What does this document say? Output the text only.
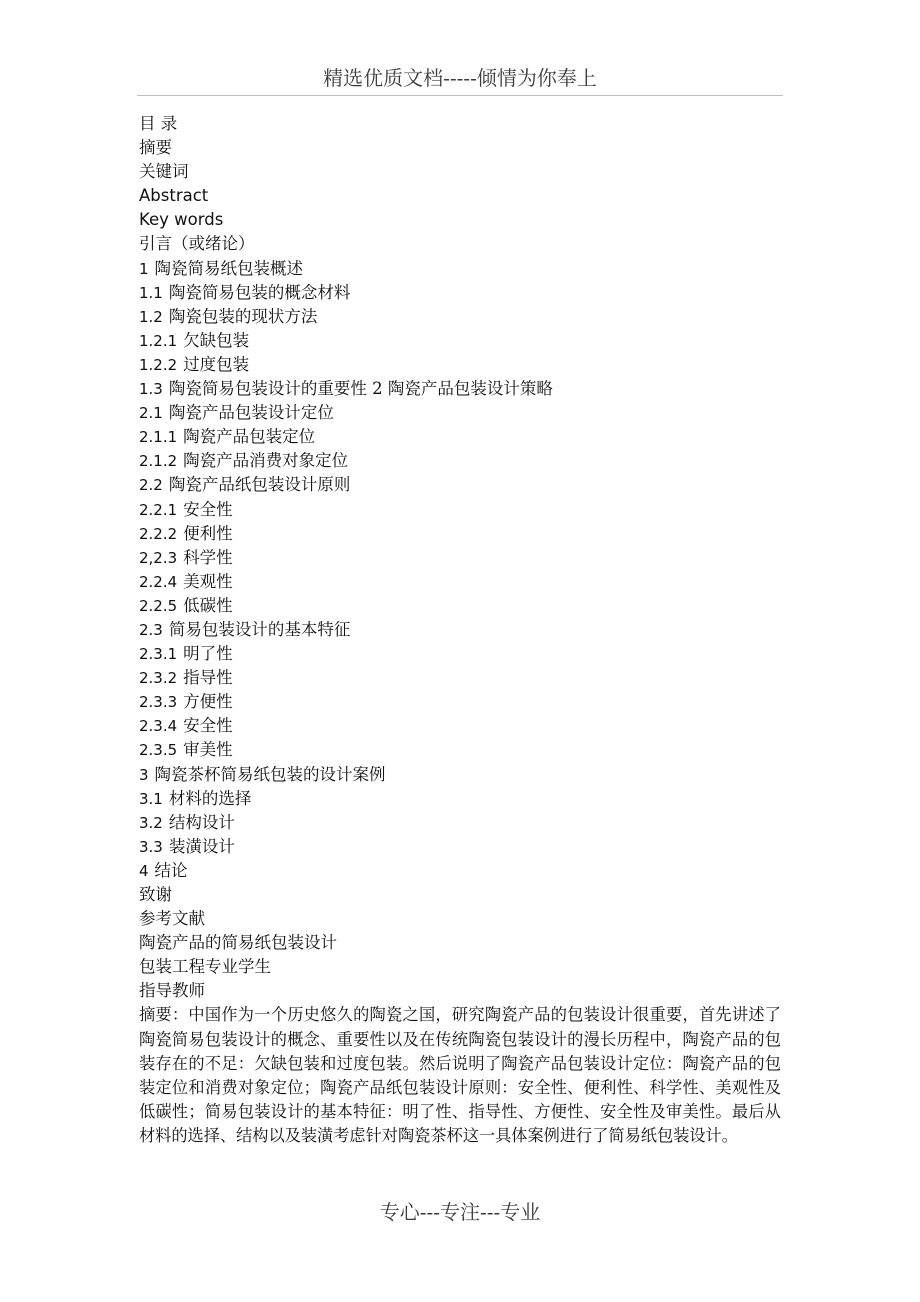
精选优质文档-----倾情为你奉上
目 录
摘要
关键词
Abstract
Key words
引言（或绪论）
1 陶瓷简易纸包装概述
1.1 陶瓷简易包装的概念材料
1.2 陶瓷包装的现状方法
1.2.1 欠缺包装
1.2.2 过度包装
1.3 陶瓷简易包装设计的重要性 2 陶瓷产品包装设计策略
2.1 陶瓷产品包装设计定位
2.1.1 陶瓷产品包装定位
2.1.2 陶瓷产品消费对象定位
2.2 陶瓷产品纸包装设计原则
2.2.1 安全性
2.2.2 便利性
2,2.3 科学性
2.2.4 美观性
2.2.5 低碳性
2.3 简易包装设计的基本特征
2.3.1 明了性
2.3.2 指导性
2.3.3 方便性
2.3.4 安全性
2.3.5 审美性
3 陶瓷茶杯简易纸包装的设计案例
3.1 材料的选择
3.2 结构设计
3.3 装潢设计
4 结论
致谢
参考文献
陶瓷产品的简易纸包装设计
包装工程专业学生
指导教师
摘要：中国作为一个历史悠久的陶瓷之国，研究陶瓷产品的包装设计很重要，首先讲述了陶瓷简易包装设计的概念、重要性以及在传统陶瓷包装设计的漫长历程中，陶瓷产品的包装存在的不足：欠缺包装和过度包装。然后说明了陶瓷产品包装设计定位：陶瓷产品的包装定位和消费对象定位；陶瓷产品纸包装设计原则：安全性、便利性、科学性、美观性及低碳性；简易包装设计的基本特征：明了性、指导性、方便性、安全性及审美性。最后从材料的选择、结构以及装潢考虑针对陶瓷茶杯这一具体案例进行了简易纸包装设计。
专心---专注---专业
